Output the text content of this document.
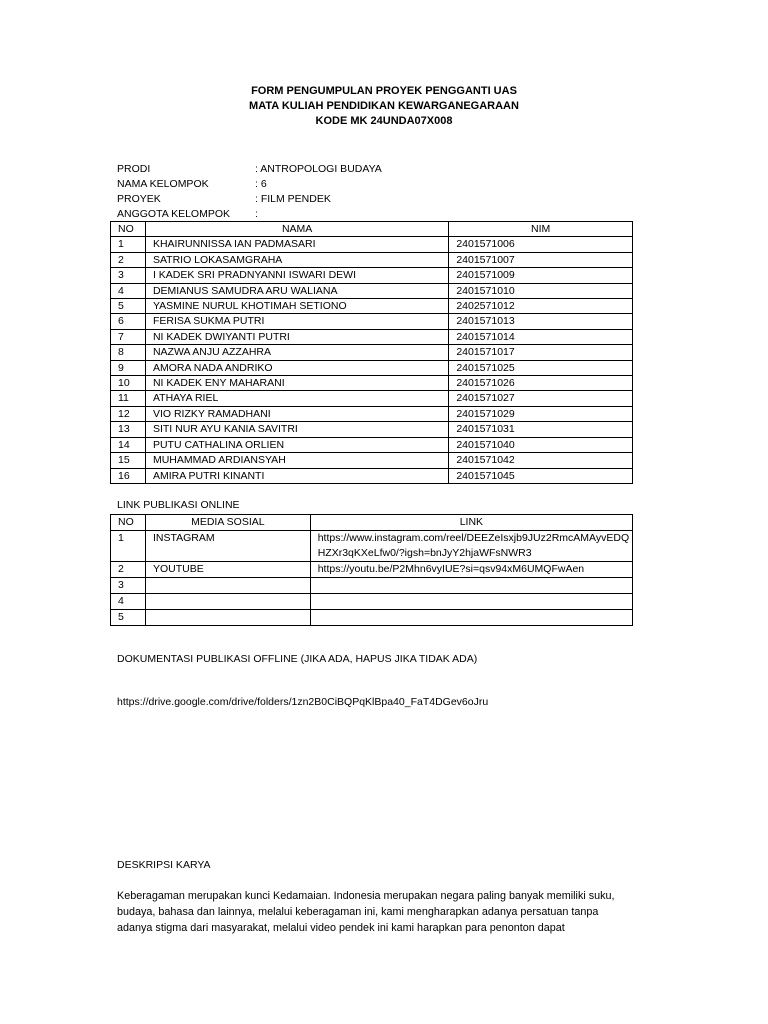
FORM PENGUMPULAN PROYEK PENGGANTI UAS
MATA KULIAH PENDIDIKAN KEWARGANEGARAAN
KODE MK 24UNDA07X008
PRODI	: ANTROPOLOGI BUDAYA
NAMA KELOMPOK	: 6
PROYEK	: FILM PENDEK
ANGGOTA KELOMPOK	:
NO	NAMA	NIM
1	KHAIRUNNISSA IAN PADMASARI	2401571006
2	SATRIO LOKASAMGRAHA	2401571007
3	I KADEK SRI PRADNYANNI ISWARI DEWI	2401571009
4	DEMIANUS SAMUDRA ARU WALIANA	2401571010
5	YASMINE NURUL KHOTIMAH SETIONO	2402571012
6	FERISA SUKMA PUTRI	2401571013
7	NI KADEK DWIYANTI PUTRI	2401571014
8	NAZWA ANJU AZZAHRA	2401571017
9	AMORA NADA ANDRIKO	2401571025
10	NI KADEK ENY MAHARANI	2401571026
11	ATHAYA RIEL	2401571027
12	VIO RIZKY RAMADHANI	2401571029
13	SITI NUR AYU KANIA SAVITRI	2401571031
14	PUTU CATHALINA ORLIEN	2401571040
15	MUHAMMAD ARDIANSYAH	2401571042
16	AMIRA PUTRI KINANTI	2401571045
LINK PUBLIKASI ONLINE
NO	MEDIA SOSIAL	LINK
1	INSTAGRAM	https://www.instagram.com/reel/DEEZeIsxjb9JUz2RmcAMAyvEDQHZXr3qKXeLfw0/?igsh=bnJyY2hjaWFsNWR3
2	YOUTUBE	https://youtu.be/P2Mhn6vyIUE?si=qsv94xM6UMQFwAen
3		
4		
5		
DOKUMENTASI PUBLIKASI OFFLINE (JIKA ADA, HAPUS JIKA TIDAK ADA)
https://drive.google.com/drive/folders/1zn2B0CiBQPqKlBpa40_FaT4DGev6oJru
DESKRIPSI KARYA
Keberagaman merupakan kunci Kedamaian. Indonesia merupakan negara paling banyak memiliki suku, budaya, bahasa dan lainnya, melalui keberagaman ini, kami mengharapkan adanya persatuan tanpa adanya stigma dari masyarakat, melalui video pendek ini kami harapkan para penonton dapat
